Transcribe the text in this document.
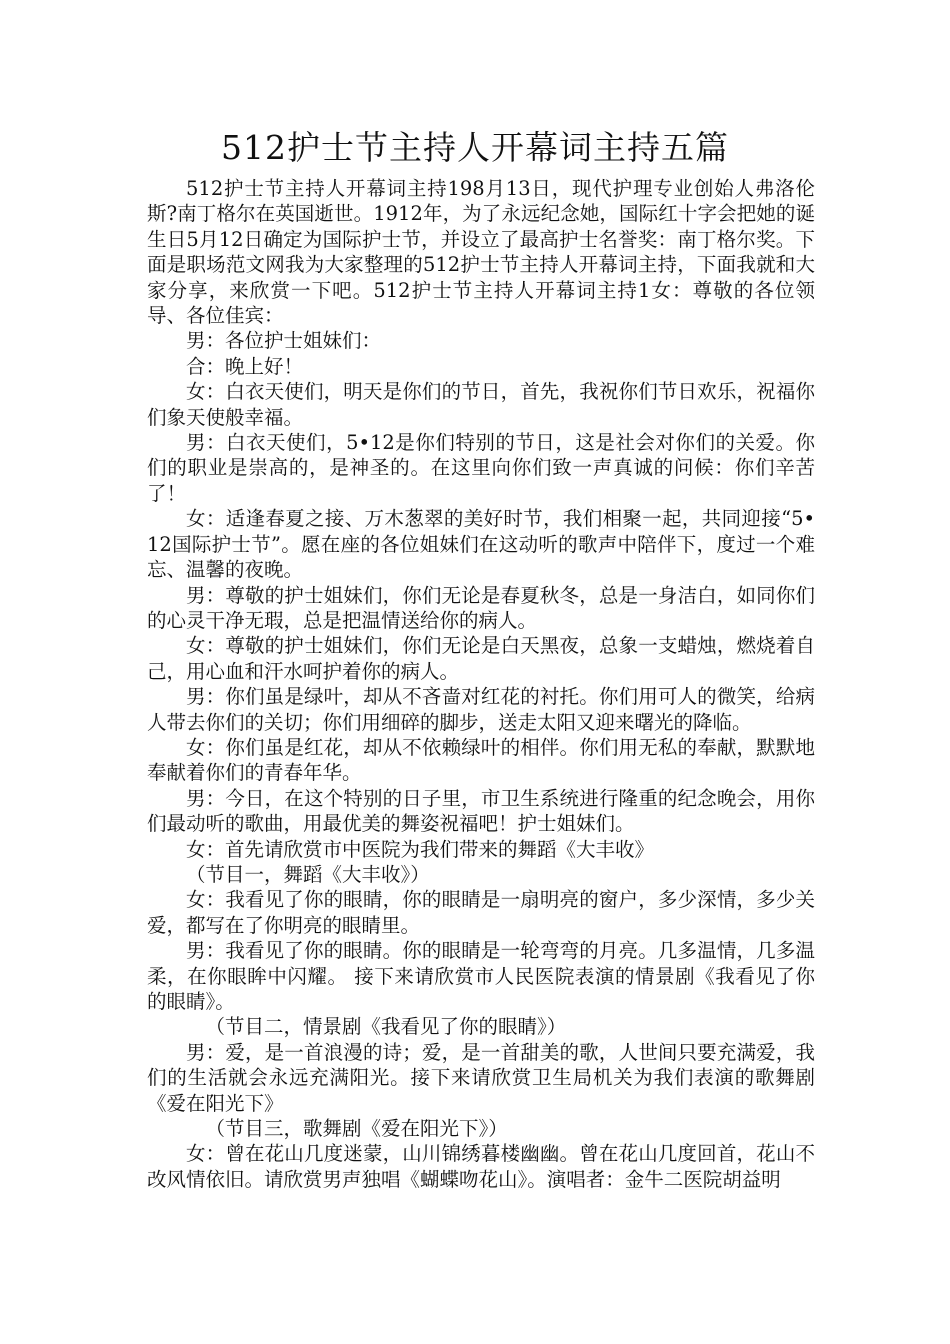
512护士节主持人开幕词主持五篇

512护士节主持人开幕词主持198月13日，现代护理专业创始人弗洛伦斯?南丁格尔在英国逝世。1912年，为了永远纪念她，国际红十字会把她的诞生日5月12日确定为国际护士节，并设立了最高护士名誉奖：南丁格尔奖。下面是职场范文网我为大家整理的512护士节主持人开幕词主持，下面我就和大家分享，来欣赏一下吧。512护士节主持人开幕词主持1女：尊敬的各位领导、各位佳宾：

男：各位护士姐妹们：

合：晚上好！

女：白衣天使们，明天是你们的节日，首先，我祝你们节日欢乐，祝福你们象天使般幸福。

男：白衣天使们，5•12是你们特别的节日，这是社会对你们的关爱。你们的职业是崇高的，是神圣的。在这里向你们致一声真诚的问候：你们辛苦了！

女：适逢春夏之接、万木葱翠的美好时节，我们相聚一起，共同迎接“5•12国际护士节”。愿在座的各位姐妹们在这动听的歌声中陪伴下，度过一个难忘、温馨的夜晚。

男：尊敬的护士姐妹们，你们无论是春夏秋冬，总是一身洁白，如同你们的心灵干净无瑕，总是把温情送给你的病人。

女：尊敬的护士姐妹们，你们无论是白天黑夜，总象一支蜡烛，燃烧着自己，用心血和汗水呵护着你的病人。

男：你们虽是绿叶，却从不吝啬对红花的衬托。你们用可人的微笑，给病人带去你们的关切；你们用细碎的脚步，送走太阳又迎来曙光的降临。

女：你们虽是红花，却从不依赖绿叶的相伴。你们用无私的奉献，默默地奉献着你们的青春年华。

男：今日，在这个特别的日子里，市卫生系统进行隆重的纪念晚会，用你们最动听的歌曲，用最优美的舞姿祝福吧！护士姐妹们。

女：首先请欣赏市中医院为我们带来的舞蹈《大丰收》

（节目一，舞蹈《大丰收》）

女：我看见了你的眼睛，你的眼睛是一扇明亮的窗户，多少深情，多少关爱，都写在了你明亮的眼睛里。

男：我看见了你的眼睛。你的眼睛是一轮弯弯的月亮。几多温情，几多温柔，在你眼眸中闪耀。 接下来请欣赏市人民医院表演的情景剧《我看见了你的眼睛》。

（节目二，情景剧《我看见了你的眼睛》）

男：爱，是一首浪漫的诗；爱，是一首甜美的歌，人世间只要充满爱，我们的生活就会永远充满阳光。接下来请欣赏卫生局机关为我们表演的歌舞剧《爱在阳光下》

（节目三，歌舞剧《爱在阳光下》）

女：曾在花山几度迷蒙，山川锦绣暮楼幽幽。曾在花山几度回首，花山不改风情依旧。请欣赏男声独唱《蝴蝶吻花山》。演唱者：金牛二医院胡益明
